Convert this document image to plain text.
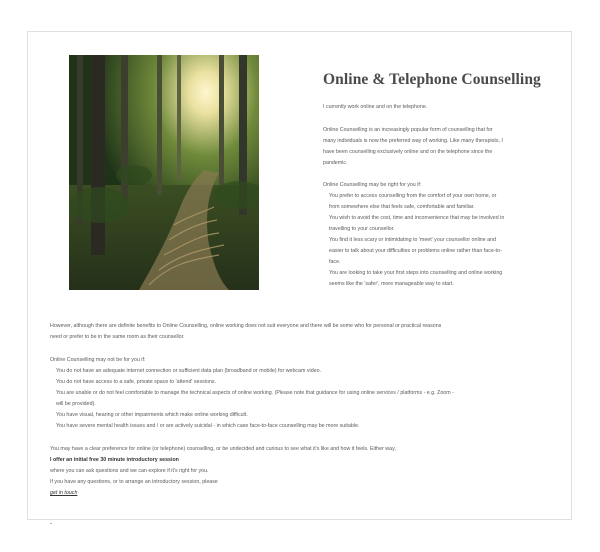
Online & Telephone Counselling
I currently work online and on the telephone.
Online Counselling is an increasingly popular form of counselling that for
many individuals is now the preferred way of working. Like many therapists, I
have been counselling exclusively online and on the telephone since the
pandemic.
Online Counselling may be right for you if:
You prefer to access counselling from the comfort of your own home, or
from somewhere else that feels safe, comfortable and familiar.
You wish to avoid the cost, time and inconvenience that may be involved in
travelling to your counsellor.
You find it less scary or intimidating to 'meet' your counsellor online and
easier to talk about your difficulties or problems online rather than face-to-
face.
You are looking to take your first steps into counselling and online working
seems like the 'safer', more manageable way to start.
However, although there are definite benefits to Online Counselling, online working does not suit everyone and there will be some who for personal or practical reasons
need or prefer to be in the same room as their counsellor.
Online Counselling may not be for you if:
You do not have an adequate internet connection or sufficient data plan (broadband or mobile) for webcam video.
You do not have access to a safe, private space to 'attend' sessions.
You are unable or do not feel comfortable to manage the technical aspects of online working. (Please note that guidance for using online services / platforms - e.g. Zoom -
will be provided).
You have visual, hearing or other impairments which make online working difficult.
You have severe mental health issues and / or are actively suicidal - in which case face-to-face counselling may be more suitable.
You may have a clear preference for online (or telephone) counselling, or be undecided and curious to see what it's like and how it feels. Either way,
I offer an initial free 30 minute introductory session
where you can ask questions and we can explore if it's right for you.
If you have any questions, or to arrange an introductory session, please
get in touch
